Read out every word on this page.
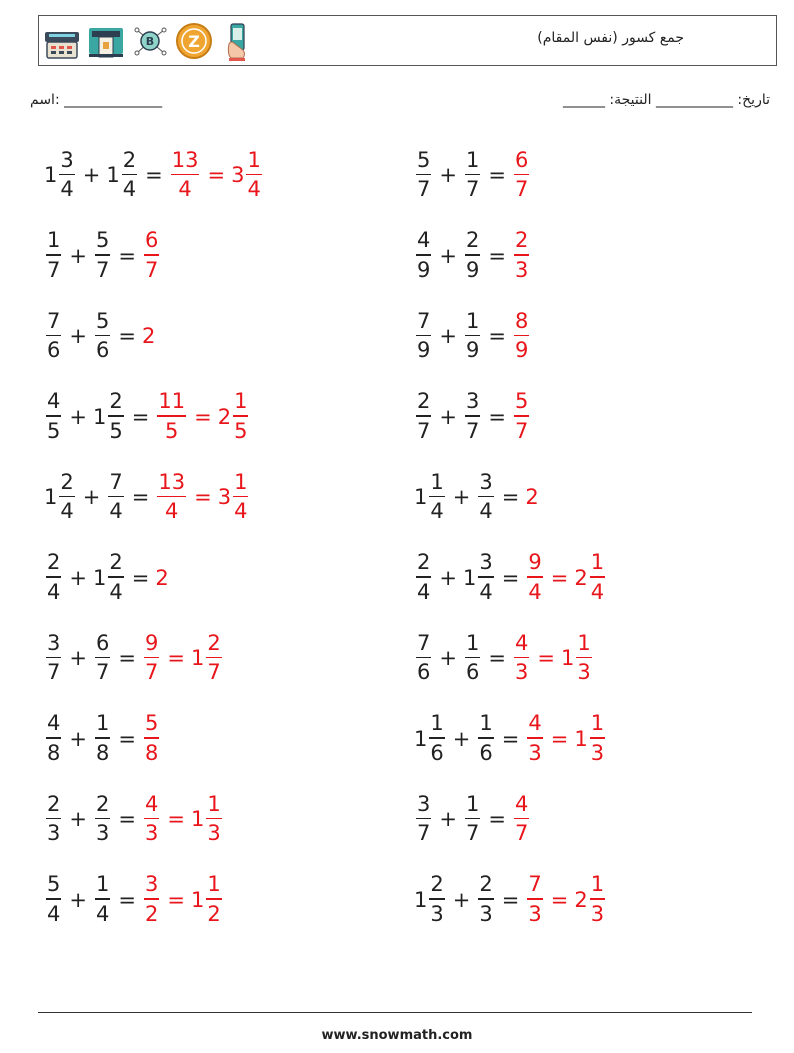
B Z	جمع كسور (نفس المقام)
______ :تاريخ: ___________ النتيجة
اسم: ______________
$1 \frac{3}{4} + 1 \frac{2}{4} = \frac{13}{4} = 3 \frac{1}{4}$	$\frac{5}{7} + \frac{1}{7} = \frac{6}{7}$
$\frac{1}{7} + \frac{5}{7} = \frac{6}{7}$	$\frac{4}{9} + \frac{2}{9} = \frac{2}{3}$
$\frac{7}{6} + \frac{5}{6} = 2$	$\frac{7}{9} + \frac{1}{9} = \frac{8}{9}$
$\frac{4}{5} + 1 \frac{2}{5} = \frac{11}{5} = 2 \frac{1}{5}$	$\frac{2}{7} + \frac{3}{7} = \frac{5}{7}$
$1 \frac{2}{4} + \frac{7}{4} = \frac{13}{4} = 3 \frac{1}{4}$	$1 \frac{1}{4} + \frac{3}{4} = 2$
$\frac{2}{4} + 1 \frac{2}{4} = 2$	$\frac{2}{4} + 1 \frac{3}{4} = \frac{9}{4} = 2 \frac{1}{4}$
$\frac{3}{7} + \frac{6}{7} = \frac{9}{7} = 1 \frac{2}{7}$	$\frac{7}{6} + \frac{1}{6} = \frac{4}{3} = 1 \frac{1}{3}$
$\frac{4}{8} + \frac{1}{8} = \frac{5}{8}$	$1 \frac{1}{6} + \frac{1}{6} = \frac{4}{3} = 1 \frac{1}{3}$
$\frac{2}{3} + \frac{2}{3} = \frac{4}{3} = 1 \frac{1}{3}$	$\frac{3}{7} + \frac{1}{7} = \frac{4}{7}$
$\frac{5}{4} + \frac{1}{4} = \frac{3}{2} = 1 \frac{1}{2}$	$1 \frac{2}{3} + \frac{2}{3} = \frac{7}{3} = 2 \frac{1}{3}$
www.snowmath.com
